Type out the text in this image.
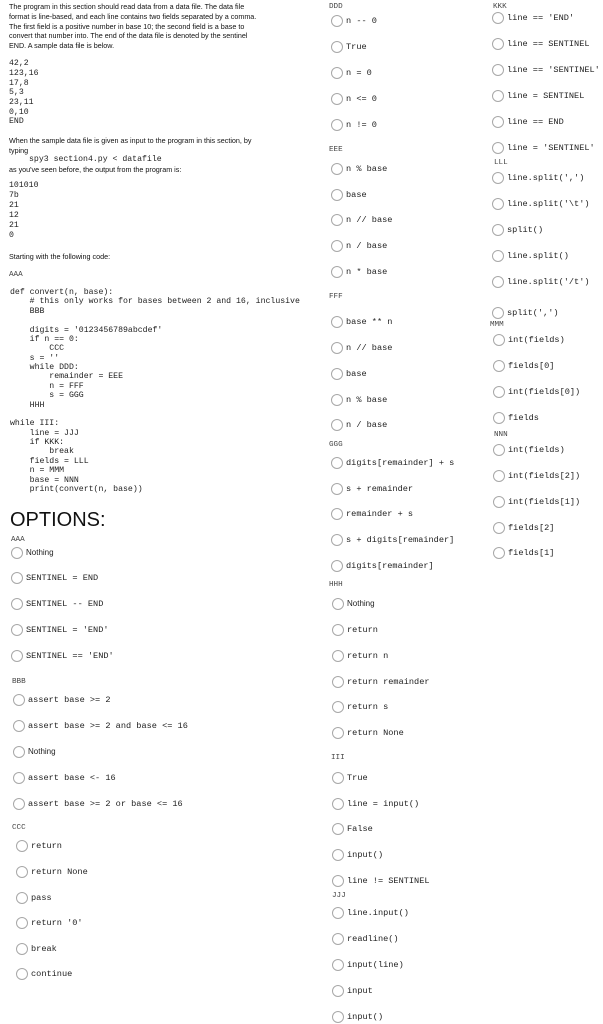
The program in this section should read data from a data file. The data file
format is line-based, and each line contains two fields separated by a comma.
The first field is a positive number in base 10; the second field is a base to
convert that number into. The end of the data file is denoted by the sentinel
END. A sample data file is below.
42,2
123,16
17,8
5,3
23,11
0,10
END
When the sample data file is given as input to the program in this section, by
typing
101010
7b
21
12
21
0
def convert(n, base):
# this only works for bases between 2 and 16, inclusive
BBB
digits = '0123456789abcdef'
if n == 0:
CCC
s = ''
while DDD:
remainder = EEE
n = FFF
s = GGG
HHH
while III:
line = JJJ
if KKK:
break
fields = LLL
n = MMM
base = NNN
print(convert(n, base))
spy3 section4.py < datafile
as you've seen before, the output from the program is:
Starting with the following code:
AAA
OPTIONS:
AAA
Nothing
SENTINEL = END
SENTINEL -- END
SENTINEL = 'END'
SENTINEL == 'END'
BBB
assert base >= 2
assert base >= 2 and base <= 16
Nothing
assert base <- 16
assert base >= 2 or base <= 16
CCC
return
return None
pass
return '0'
break
continue
DDD
n -- 0
True
n = 0
n <= 0
n != 0
EEE
n % base
base
n // base
n / base
n * base
FFF
base ** n
n // base
base
n % base
n / base
GGG
digits[remainder] + s
s + remainder
remainder + s
s + digits[remainder]
digits[remainder]
HHH
Nothing
return
return n
return remainder
return s
return None
III
True
line = input()
False
input()
line != SENTINEL
JJJ
line.input()
readline()
input(line)
input
input()
KKK
line == 'END'
line == SENTINEL
line == 'SENTINEL'
line = SENTINEL
line == END
line = 'SENTINEL'
LLL
line.split(',')
line.split('\t')
split()
line.split()
line.split('/t')
split(',')
MMM
int(fields)
fields[0]
int(fields[0])
fields
NNN
int(fields)
int(fields[2])
int(fields[1])
fields[2]
fields[1]
